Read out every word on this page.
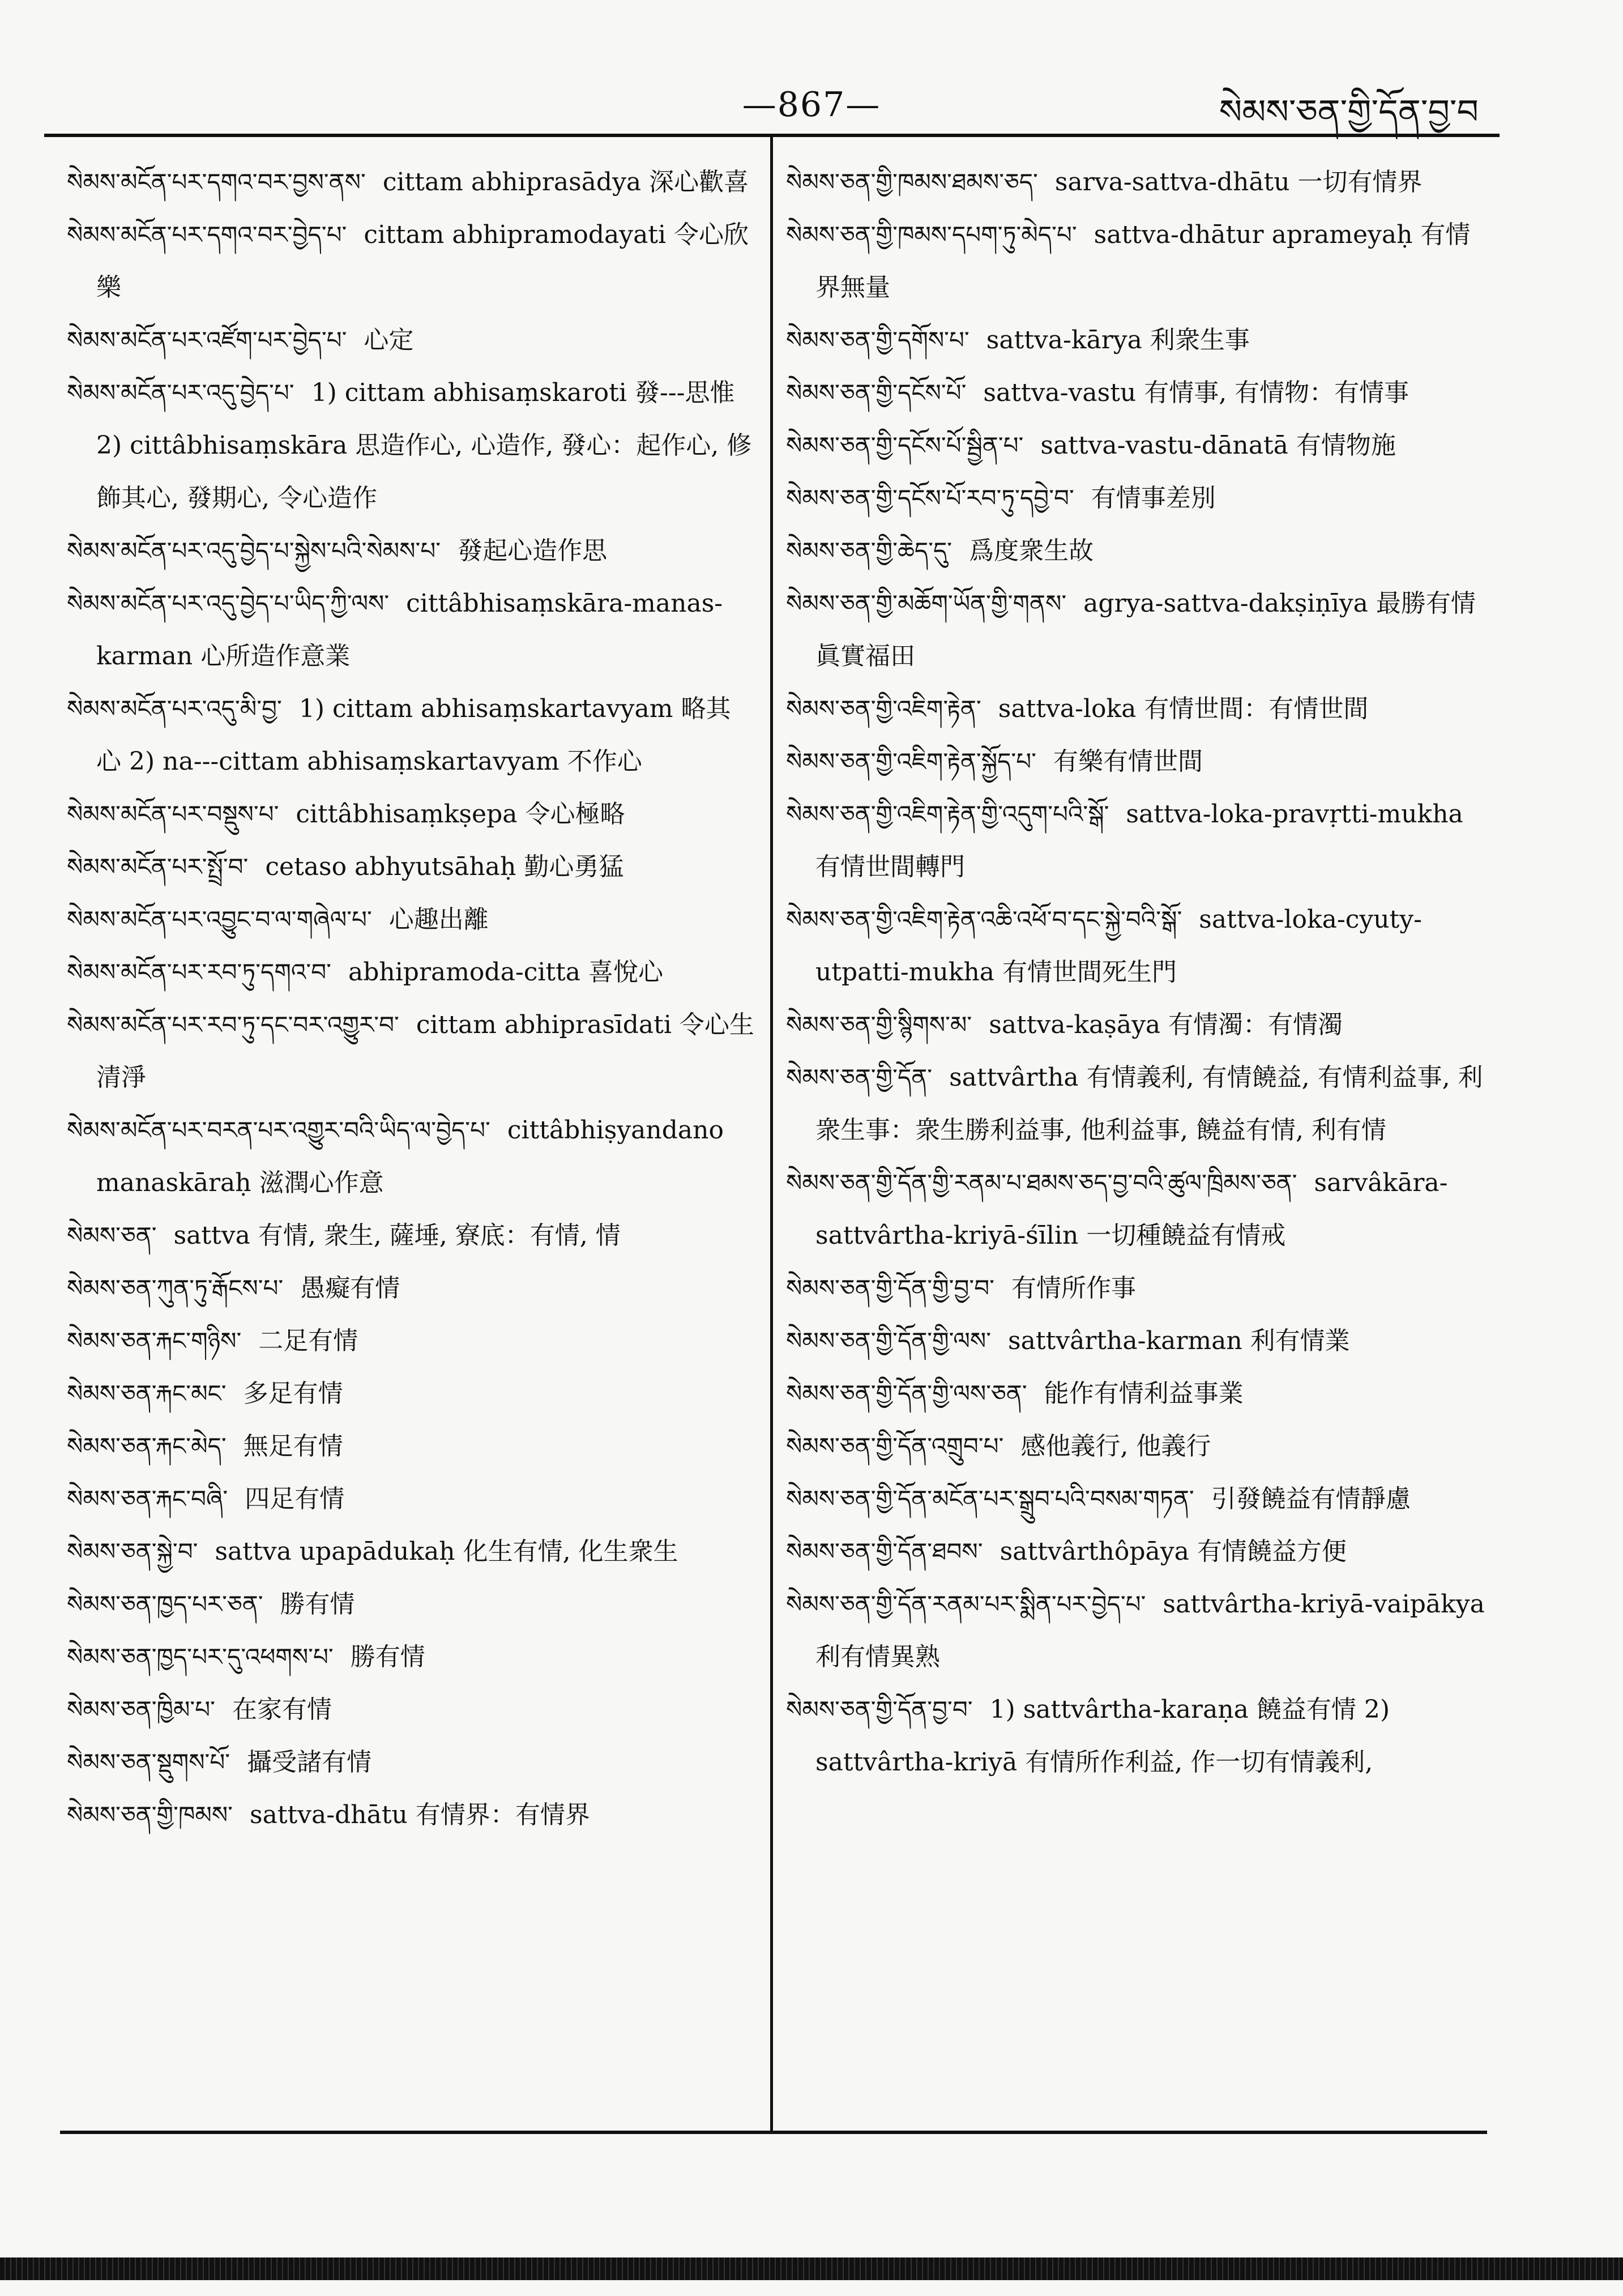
—867—	སེམས་ཅན་གྱི་དོན་བྱ་བ
སེམས་མངོན་པར་དགའ་བར་བྱས་ནས་ cittam abhiprasādya 深心歡喜
སེམས་མངོན་པར་དགའ་བར་བྱེད་པ་ cittam abhipramodayati 令心欣樂
སེམས་མངོན་པར་འཛོག་པར་བྱེད་པ་ 心定
སེམས་མངོན་པར་འདུ་བྱེད་པ་ 1) cittam abhisaṃskaroti 發---思惟 2) cittâbhisaṃskāra 思造作心, 心造作, 發心：起作心, 修飾其心, 發期心, 令心造作
སེམས་མངོན་པར་འདུ་བྱེད་པ་སྐྱེས་པའི་སེམས་པ་ 發起心造作思
སེམས་མངོན་པར་འདུ་བྱེད་པ་ཡིད་ཀྱི་ལས་ cittâbhisaṃskāra-manas-karman 心所造作意業
སེམས་མངོན་པར་འདུ་མི་བྱ་ 1) cittam abhisaṃskartavyam 略其心 2) na---cittam abhisaṃskartavyam 不作心
སེམས་མངོན་པར་བསྡུས་པ་ cittâbhisaṃkṣepa 令心極略
སེམས་མངོན་པར་སྤྲོ་བ་ cetaso abhyutsāhaḥ 勤心勇猛
སེམས་མངོན་པར་འབྱུང་བ་ལ་གཞེལ་པ་ 心趣出離
སེམས་མངོན་པར་རབ་ཏུ་དགའ་བ་ abhipramoda-citta 喜悅心
སེམས་མངོན་པར་རབ་ཏུ་དང་བར་འགྱུར་བ་ cittam abhiprasīdati 令心生清淨
སེམས་མངོན་པར་བརན་པར་འགྱུར་བའི་ཡིད་ལ་བྱེད་པ་ cittâbhiṣyandano manaskāraḥ 滋潤心作意
སེམས་ཅན་ sattva 有情, 衆生, 薩埵, 寮底：有情, 情
སེམས་ཅན་ཀུན་ཏུ་རྒོངས་པ་ 愚癡有情
སེམས་ཅན་རྐང་གཉིས་ 二足有情
སེམས་ཅན་རྐང་མང་ 多足有情
སེམས་ཅན་རྐང་མེད་ 無足有情
སེམས་ཅན་རྐང་བཞི་ 四足有情
སེམས་ཅན་སྐྱེ་བ་ sattva upapādukaḥ 化生有情, 化生衆生
སེམས་ཅན་ཁྱད་པར་ཅན་ 勝有情
སེམས་ཅན་ཁྱད་པར་དུ་འཕགས་པ་ 勝有情
སེམས་ཅན་ཁྱིམ་པ་ 在家有情
སེམས་ཅན་སྡུགས་པོ་ 攝受諸有情
སེམས་ཅན་གྱི་ཁམས་ sattva-dhātu 有情界：有情界
སེམས་ཅན་གྱི་ཁམས་ཐམས་ཅད་ sarva-sattva-dhātu 一切有情界
སེམས་ཅན་གྱི་ཁམས་དཔག་ཏུ་མེད་པ་ sattva-dhātur aprameyaḥ 有情界無量
སེམས་ཅན་གྱི་དགོས་པ་ sattva-kārya 利衆生事
སེམས་ཅན་གྱི་དངོས་པོ་ sattva-vastu 有情事, 有情物：有情事
སེམས་ཅན་གྱི་དངོས་པོ་སྦྱིན་པ་ sattva-vastu-dānatā 有情物施
སེམས་ཅན་གྱི་དངོས་པོ་རབ་ཏུ་དབྱེ་བ་ 有情事差別
སེམས་ཅན་གྱི་ཆེད་དུ་ 爲度衆生故
སེམས་ཅན་གྱི་མཆོག་ཡོན་གྱི་གནས་ agrya-sattva-dakṣiṇīya 最勝有情眞實福田
སེམས་ཅན་གྱི་འཇིག་རྟེན་ sattva-loka 有情世間：有情世間
སེམས་ཅན་གྱི་འཇིག་རྟེན་སྐྱོད་པ་ 有樂有情世間
སེམས་ཅན་གྱི་འཇིག་རྟེན་གྱི་འདུག་པའི་སྒོ་ sattva-loka-pravṛtti-mukha 有情世間轉門
སེམས་ཅན་གྱི་འཇིག་རྟེན་འཆི་འཕོ་བ་དང་སྐྱེ་བའི་སྒོ་ sattva-loka-cyuty-utpatti-mukha 有情世間死生門
སེམས་ཅན་གྱི་སྙིགས་མ་ sattva-kaṣāya 有情濁：有情濁
སེམས་ཅན་གྱི་དོན་ sattvârtha 有情義利, 有情饒益, 有情利益事, 利衆生事：衆生勝利益事, 他利益事, 饒益有情, 利有情
སེམས་ཅན་གྱི་དོན་གྱི་རནམ་པ་ཐམས་ཅད་བྱ་བའི་ཚུལ་ཁྲིམས་ཅན་ sarvâkāra-sattvârtha-kriyā-śīlin 一切種饒益有情戒
སེམས་ཅན་གྱི་དོན་གྱི་བྱ་བ་ 有情所作事
སེམས་ཅན་གྱི་དོན་གྱི་ལས་ sattvârtha-karman 利有情業
སེམས་ཅན་གྱི་དོན་གྱི་ལས་ཅན་ 能作有情利益事業
སེམས་ཅན་གྱི་དོན་འགྲུབ་པ་ 感他義行, 他義行
སེམས་ཅན་གྱི་དོན་མངོན་པར་སྒྲུབ་པའི་བསམ་གཏན་ 引發饒益有情靜慮
སེམས་ཅན་གྱི་དོན་ཐབས་ sattvârthôpāya 有情饒益方便
སེམས་ཅན་གྱི་དོན་རནམ་པར་སྨིན་པར་བྱེད་པ་ sattvârtha-kriyā-vaipākya 利有情異熟
སེམས་ཅན་གྱི་དོན་བྱ་བ་ 1) sattvârtha-karaṇa 饒益有情 2) sattvârtha-kriyā 有情所作利益, 作一切有情義利,
